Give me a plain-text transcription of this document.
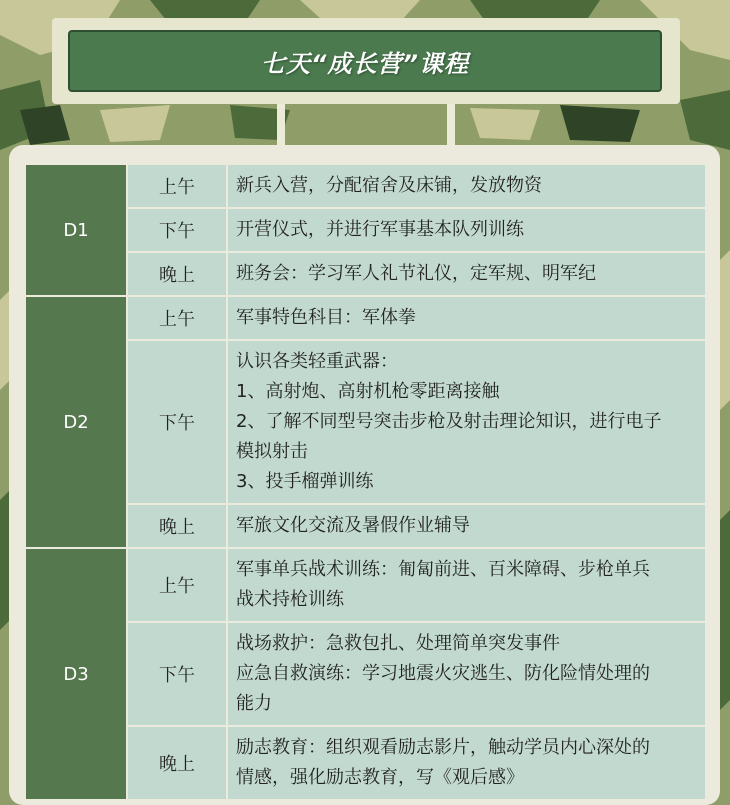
七天“成长营”课程
D1	上午	新兵入营，分配宿舍及床铺，发放物资

	下午	开营仪式，并进行军事基本队列训练

	晚上	班务会：学习军人礼节礼仪，定军规、明军纪

D2	上午	军事特色科目：军体拳

	下午	认识各类轻重武器：
1、高射炮、高射机枪零距离接触
2、了解不同型号突击步枪及射击理论知识，进行电子
模拟射击
3、投手榴弹训练

	晚上	军旅文化交流及暑假作业辅导

D3	上午	军事单兵战术训练：匍匐前进、百米障碍、步枪单兵
战术持枪训练

	下午	战场救护：急救包扎、处理简单突发事件
应急自救演练：学习地震火灾逃生、防化险情处理的
能力

	晚上	励志教育：组织观看励志影片，触动学员内心深处的
情感，强化励志教育，写《观后感》
